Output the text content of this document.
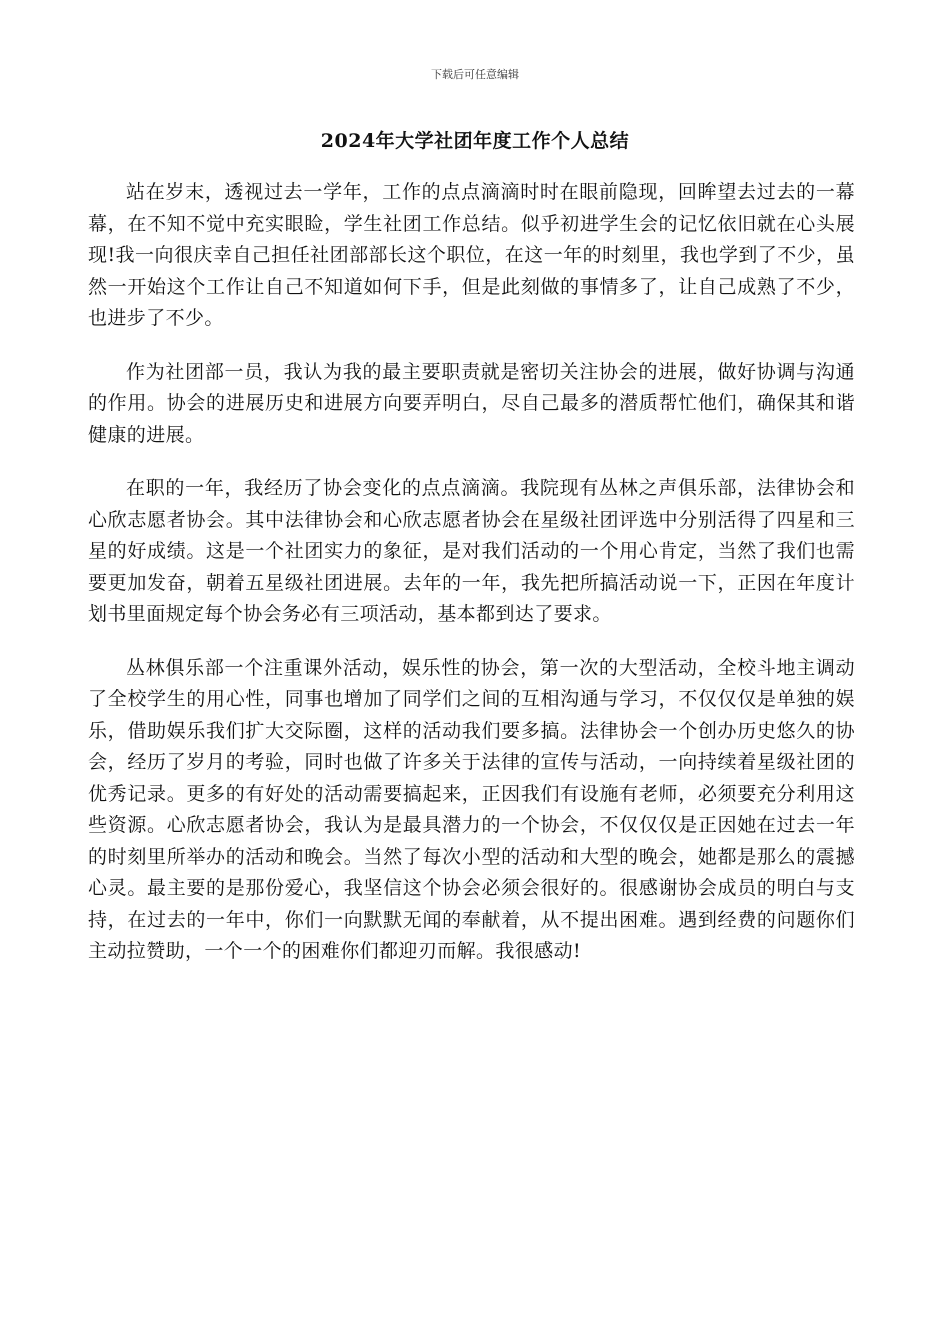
下载后可任意编辑
2024年大学社团年度工作个人总结

站在岁末，透视过去一学年，工作的点点滴滴时时在眼前隐现，回眸望去过去的一幕幕，在不知不觉中充实眼睑，学生社团工作总结。似乎初进学生会的记忆依旧就在心头展现!我一向很庆幸自己担任社团部部长这个职位，在这一年的时刻里，我也学到了不少，虽然一开始这个工作让自己不知道如何下手，但是此刻做的事情多了，让自己成熟了不少，也进步了不少。

作为社团部一员，我认为我的最主要职责就是密切关注协会的进展，做好协调与沟通的作用。协会的进展历史和进展方向要弄明白，尽自己最多的潜质帮忙他们，确保其和谐健康的进展。

在职的一年，我经历了协会变化的点点滴滴。我院现有丛林之声俱乐部，法律协会和心欣志愿者协会。其中法律协会和心欣志愿者协会在星级社团评选中分别活得了四星和三星的好成绩。这是一个社团实力的象征，是对我们活动的一个用心肯定，当然了我们也需要更加发奋，朝着五星级社团进展。去年的一年，我先把所搞活动说一下，正因在年度计划书里面规定每个协会务必有三项活动，基本都到达了要求。

丛林俱乐部一个注重课外活动，娱乐性的协会，第一次的大型活动，全校斗地主调动了全校学生的用心性，同事也增加了同学们之间的互相沟通与学习，不仅仅仅是单独的娱乐，借助娱乐我们扩大交际圈，这样的活动我们要多搞。法律协会一个创办历史悠久的协会，经历了岁月的考验，同时也做了许多关于法律的宣传与活动，一向持续着星级社团的优秀记录。更多的有好处的活动需要搞起来，正因我们有设施有老师，必须要充分利用这些资源。心欣志愿者协会，我认为是最具潜力的一个协会，不仅仅仅是正因她在过去一年的时刻里所举办的活动和晚会。当然了每次小型的活动和大型的晚会，她都是那么的震撼心灵。最主要的是那份爱心，我坚信这个协会必须会很好的。很感谢协会成员的明白与支持，在过去的一年中，你们一向默默无闻的奉献着，从不提出困难。遇到经费的问题你们主动拉赞助，一个一个的困难你们都迎刃而解。我很感动!
